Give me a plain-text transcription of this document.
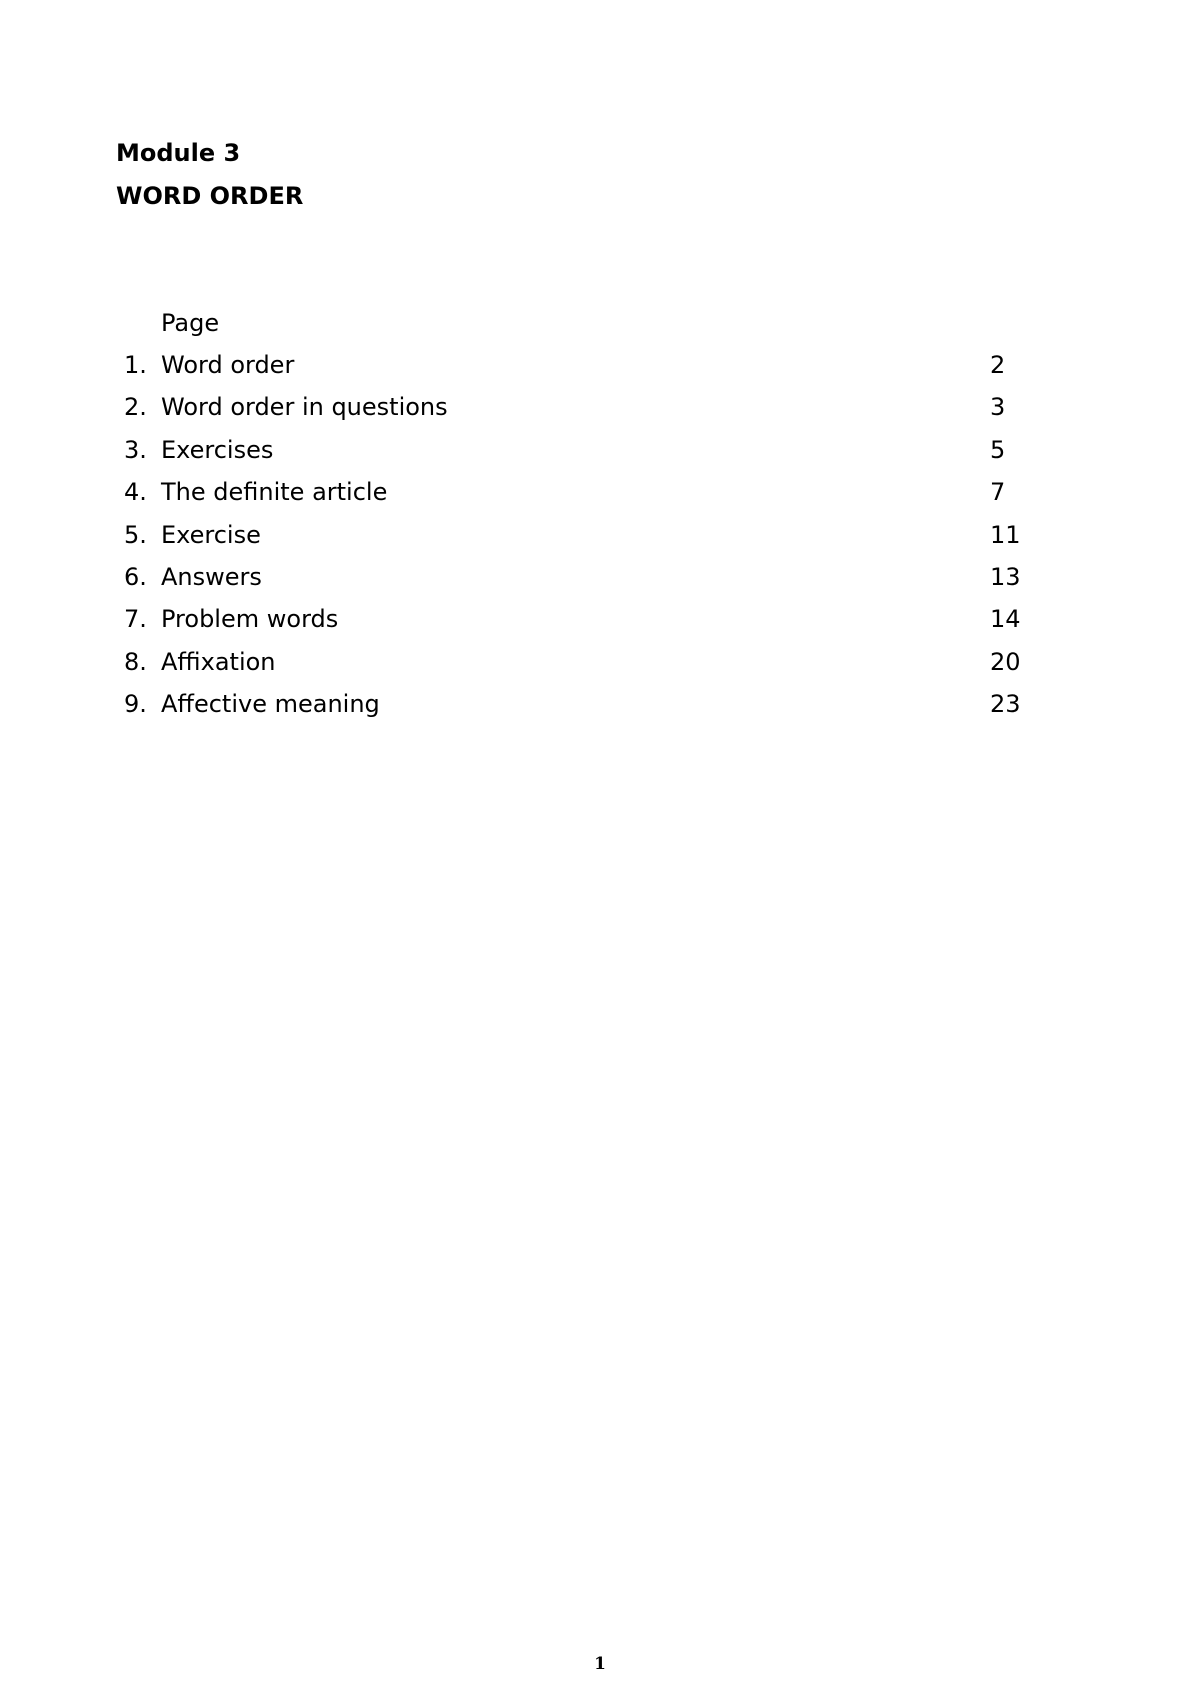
Module 3
WORD ORDER
Page
1. Word order	2
2. Word order in questions	3
3. Exercises	5
4. The definite article	7
5. Exercise	11
6. Answers	13
7. Problem words	14
8. Affixation	20
9. Affective meaning	23
1
